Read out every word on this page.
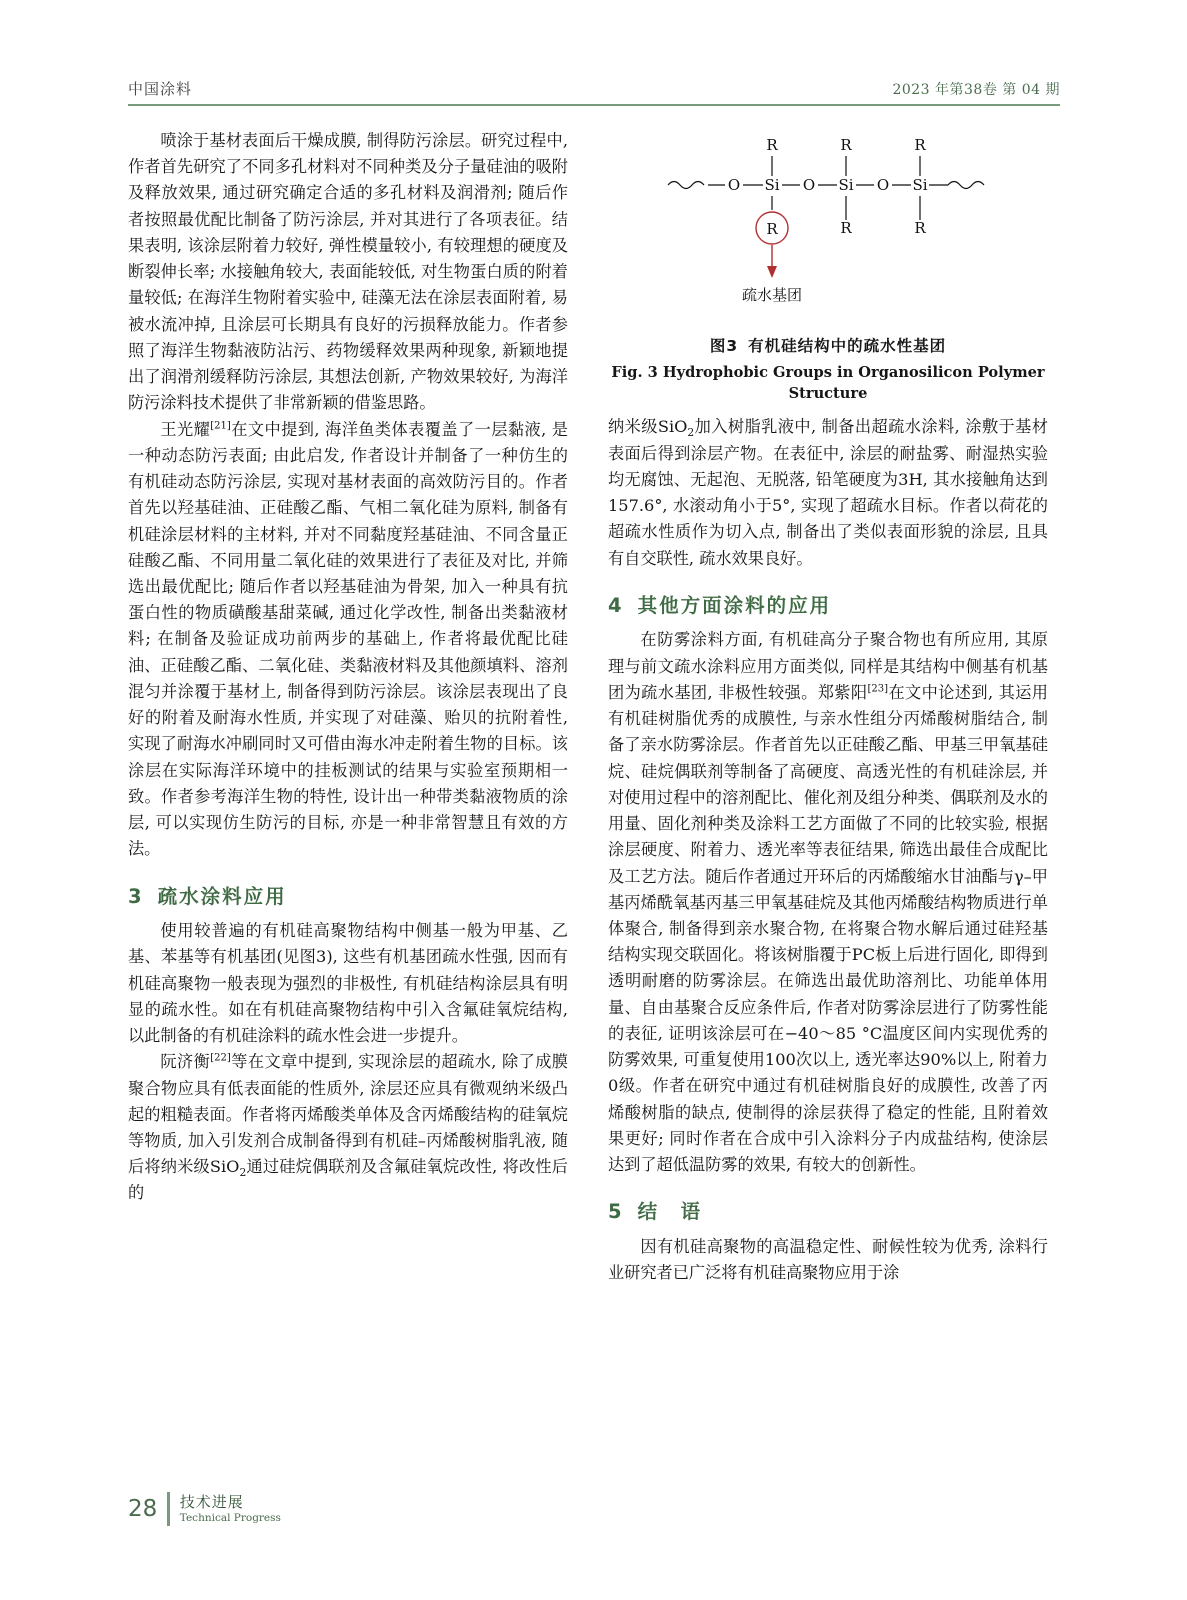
中国涂料	2023 年第38卷 第 04 期

喷涂于基材表面后干燥成膜, 制得防污涂层。研究过程中, 作者首先研究了不同多孔材料对不同种类及分子量硅油的吸附及释放效果, 通过研究确定合适的多孔材料及润滑剂; 随后作者按照最优配比制备了防污涂层, 并对其进行了各项表征。结果表明, 该涂层附着力较好, 弹性模量较小, 有较理想的硬度及断裂伸长率; 水接触角较大, 表面能较低, 对生物蛋白质的附着量较低; 在海洋生物附着实验中, 硅藻无法在涂层表面附着, 易被水流冲掉, 且涂层可长期具有良好的污损释放能力。作者参照了海洋生物黏液防沾污、药物缓释效果两种现象, 新颖地提出了润滑剂缓释防污涂层, 其想法创新, 产物效果较好, 为海洋防污涂料技术提供了非常新颖的借鉴思路。

王光耀[21]在文中提到, 海洋鱼类体表覆盖了一层黏液, 是一种动态防污表面; 由此启发, 作者设计并制备了一种仿生的有机硅动态防污涂层, 实现对基材表面的高效防污目的。作者首先以羟基硅油、正硅酸乙酯、气相二氧化硅为原料, 制备有机硅涂层材料的主材料, 并对不同黏度羟基硅油、不同含量正硅酸乙酯、不同用量二氧化硅的效果进行了表征及对比, 并筛选出最优配比; 随后作者以羟基硅油为骨架, 加入一种具有抗蛋白性的物质磺酸基甜菜碱, 通过化学改性, 制备出类黏液材料; 在制备及验证成功前两步的基础上, 作者将最优配比硅油、正硅酸乙酯、二氧化硅、类黏液材料及其他颜填料、溶剂混匀并涂覆于基材上, 制备得到防污涂层。该涂层表现出了良好的附着及耐海水性质, 并实现了对硅藻、贻贝的抗附着性, 实现了耐海水冲刷同时又可借由海水冲走附着生物的目标。该涂层在实际海洋环境中的挂板测试的结果与实验室预期相一致。作者参考海洋生物的特性, 设计出一种带类黏液物质的涂层, 可以实现仿生防污的目标, 亦是一种非常智慧且有效的方法。

3 疏水涂料应用

使用较普遍的有机硅高聚物结构中侧基一般为甲基、乙基、苯基等有机基团(见图3), 这些有机基团疏水性强, 因而有机硅高聚物一般表现为强烈的非极性, 有机硅结构涂层具有明显的疏水性。如在有机硅高聚物结构中引入含氟硅氧烷结构, 以此制备的有机硅涂料的疏水性会进一步提升。

阮济衡[22]等在文章中提到, 实现涂层的超疏水, 除了成膜聚合物应具有低表面能的性质外, 涂层还应具有微观纳米级凸起的粗糙表面。作者将丙烯酸类单体及含丙烯酸结构的硅氧烷等物质, 加入引发剂合成制备得到有机硅–丙烯酸树脂乳液, 随后将纳米级SiO$_2$通过硅烷偶联剂及含氟硅氧烷改性, 将改性后的

R	R	R
O Si O Si O Si
R	R	R
疏水基团
图3 有机硅结构中的疏水性基团
Fig. 3 Hydrophobic Groups in Organosilicon Polymer
Structure

纳米级SiO$_2$加入树脂乳液中, 制备出超疏水涂料, 涂敷于基材表面后得到涂层产物。在表征中, 涂层的耐盐雾、耐湿热实验均无腐蚀、无起泡、无脱落, 铅笔硬度为3H, 其水接触角达到157.6°, 水滚动角小于5°, 实现了超疏水目标。作者以荷花的超疏水性质作为切入点, 制备出了类似表面形貌的涂层, 且具有自交联性, 疏水效果良好。

4 其他方面涂料的应用

在防雾涂料方面, 有机硅高分子聚合物也有所应用, 其原理与前文疏水涂料应用方面类似, 同样是其结构中侧基有机基团为疏水基团, 非极性较强。郑紫阳[23]在文中论述到, 其运用有机硅树脂优秀的成膜性, 与亲水性组分丙烯酸树脂结合, 制备了亲水防雾涂层。作者首先以正硅酸乙酯、甲基三甲氧基硅烷、硅烷偶联剂等制备了高硬度、高透光性的有机硅涂层, 并对使用过程中的溶剂配比、催化剂及组分种类、偶联剂及水的用量、固化剂种类及涂料工艺方面做了不同的比较实验, 根据涂层硬度、附着力、透光率等表征结果, 筛选出最佳合成配比及工艺方法。随后作者通过开环后的丙烯酸缩水甘油酯与γ–甲基丙烯酰氧基丙基三甲氧基硅烷及其他丙烯酸结构物质进行单体聚合, 制备得到亲水聚合物, 在将聚合物水解后通过硅羟基结构实现交联固化。将该树脂覆于PC板上后进行固化, 即得到透明耐磨的防雾涂层。在筛选出最优助溶剂比、功能单体用量、自由基聚合反应条件后, 作者对防雾涂层进行了防雾性能的表征, 证明该涂层可在−40～85 °C温度区间内实现优秀的防雾效果, 可重复使用100次以上, 透光率达90%以上, 附着力0级。作者在研究中通过有机硅树脂良好的成膜性, 改善了丙烯酸树脂的缺点, 使制得的涂层获得了稳定的性能, 且附着效果更好; 同时作者在合成中引入涂料分子内成盐结构, 使涂层达到了超低温防雾的效果, 有较大的创新性。

5 结　语

因有机硅高聚物的高温稳定性、耐候性较为优秀, 涂料行业研究者已广泛将有机硅高聚物应用于涂

28 技术进展
Technical Progress
